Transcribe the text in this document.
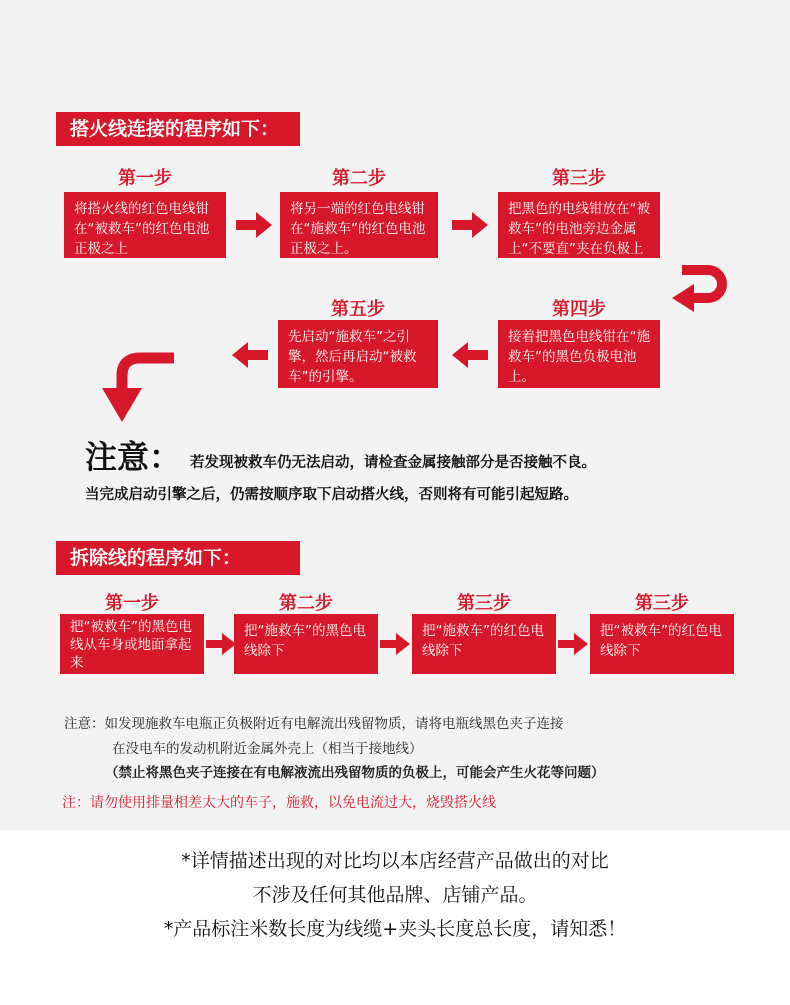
搭火线连接的程序如下：
第一步
将搭火线的红色电线钳在“被救车”的红色电池正极之上
第二步
将另一端的红色电线钳在“施救车”的红色电池正极之上。
第三步
把黑色的电线钳放在“被救车”的电池旁边金属上“不要直”夹在负极上
第五步
先启动“施救车”之引擎，然后再启动“被救车”的引擎。
第四步
接着把黑色电线钳在“施救车”的黑色负极电池上。
注意： 若发现被救车仍无法启动，请检查金属接触部分是否接触不良。
当完成启动引擎之后，仍需按顺序取下启动搭火线，否则将有可能引起短路。
拆除线的程序如下：
第一步
把“被救车”的黑色电线从车身或地面拿起来
第二步
把“施救车”的黑色电线除下
第三步
把“施救车”的红色电线除下
第三步
把“被救车”的红色电线除下
注意：如发现施救车电瓶正负极附近有电解流出残留物质，请将电瓶线黑色夹子连接
在没电车的发动机附近金属外壳上（相当于接地线）
（禁止将黑色夹子连接在有电解液流出残留物质的负极上，可能会产生火花等问题）
注：请勿使用排量相差太大的车子，施救，以免电流过大，烧毁搭火线
*详情描述出现的对比均以本店经营产品做出的对比
不涉及任何其他品牌、店铺产品。
*产品标注米数长度为线缆+夹头长度总长度，请知悉！
